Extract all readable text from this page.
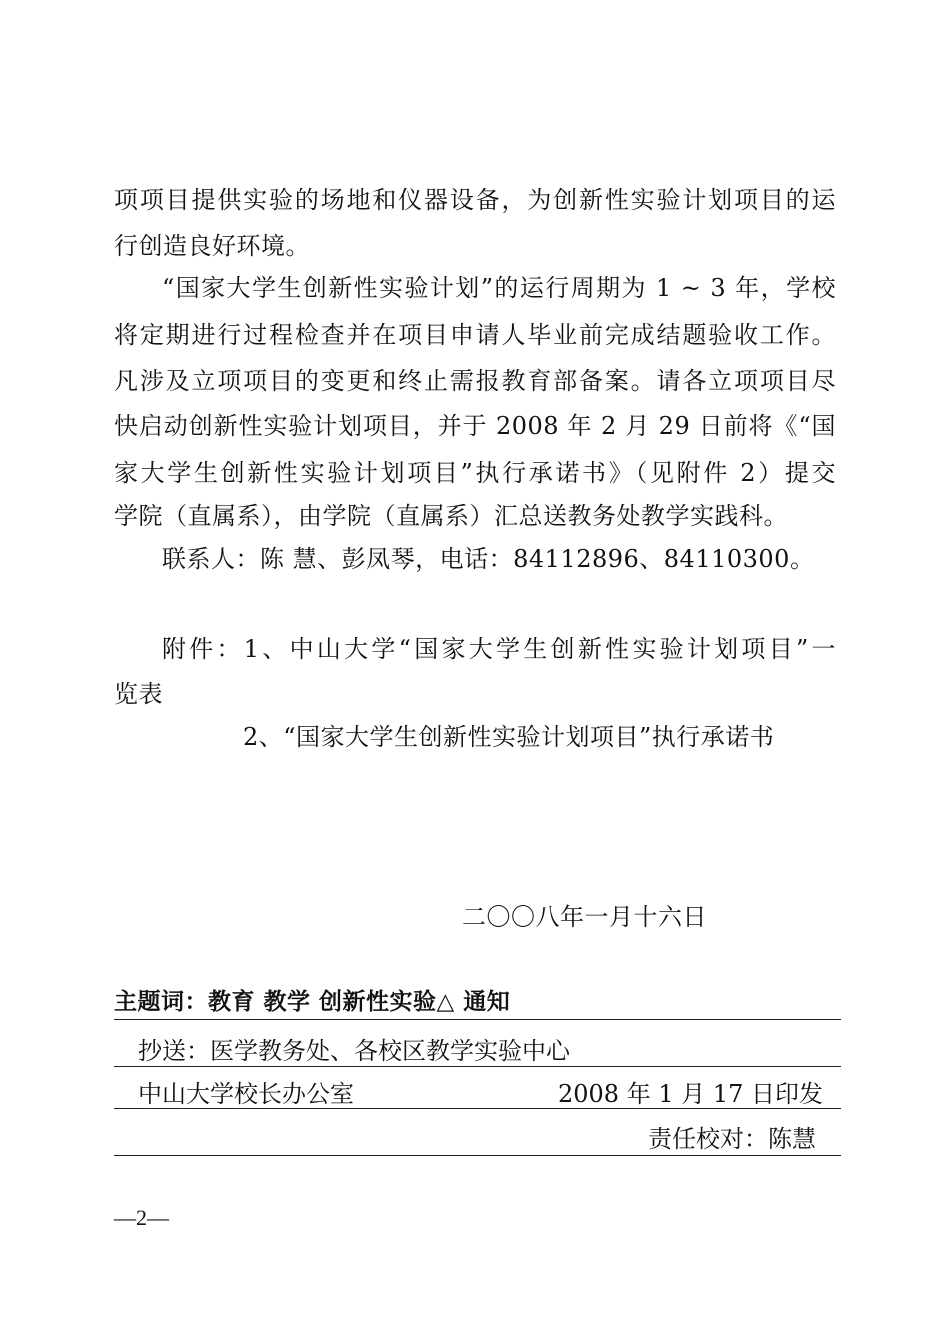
项项目提供实验的场地和仪器设备，为创新性实验计划项目的运
行创造良好环境。
“国家大学生创新性实验计划”的运行周期为 1 ~ 3 年，学校
将定期进行过程检查并在项目申请人毕业前完成结题验收工作。
凡涉及立项项目的变更和终止需报教育部备案。请各立项项目尽
快启动创新性实验计划项目，并于 2008 年 2 月 29 日前将《“国
家大学生创新性实验计划项目”执行承诺书》（见附件 2）提交
学院（直属系），由学院（直属系）汇总送教务处教学实践科。
联系人：陈 慧、彭凤琴，电话：84112896、84110300。
附件：1、中山大学“国家大学生创新性实验计划项目”一
览表
2、“国家大学生创新性实验计划项目”执行承诺书
二〇〇八年一月十六日
主题词：教育 教学 创新性实验△ 通知
抄送：医学教务处、各校区教学实验中心
中山大学校长办公室	2008 年 1 月 17 日印发
责任校对：陈慧
—2—
